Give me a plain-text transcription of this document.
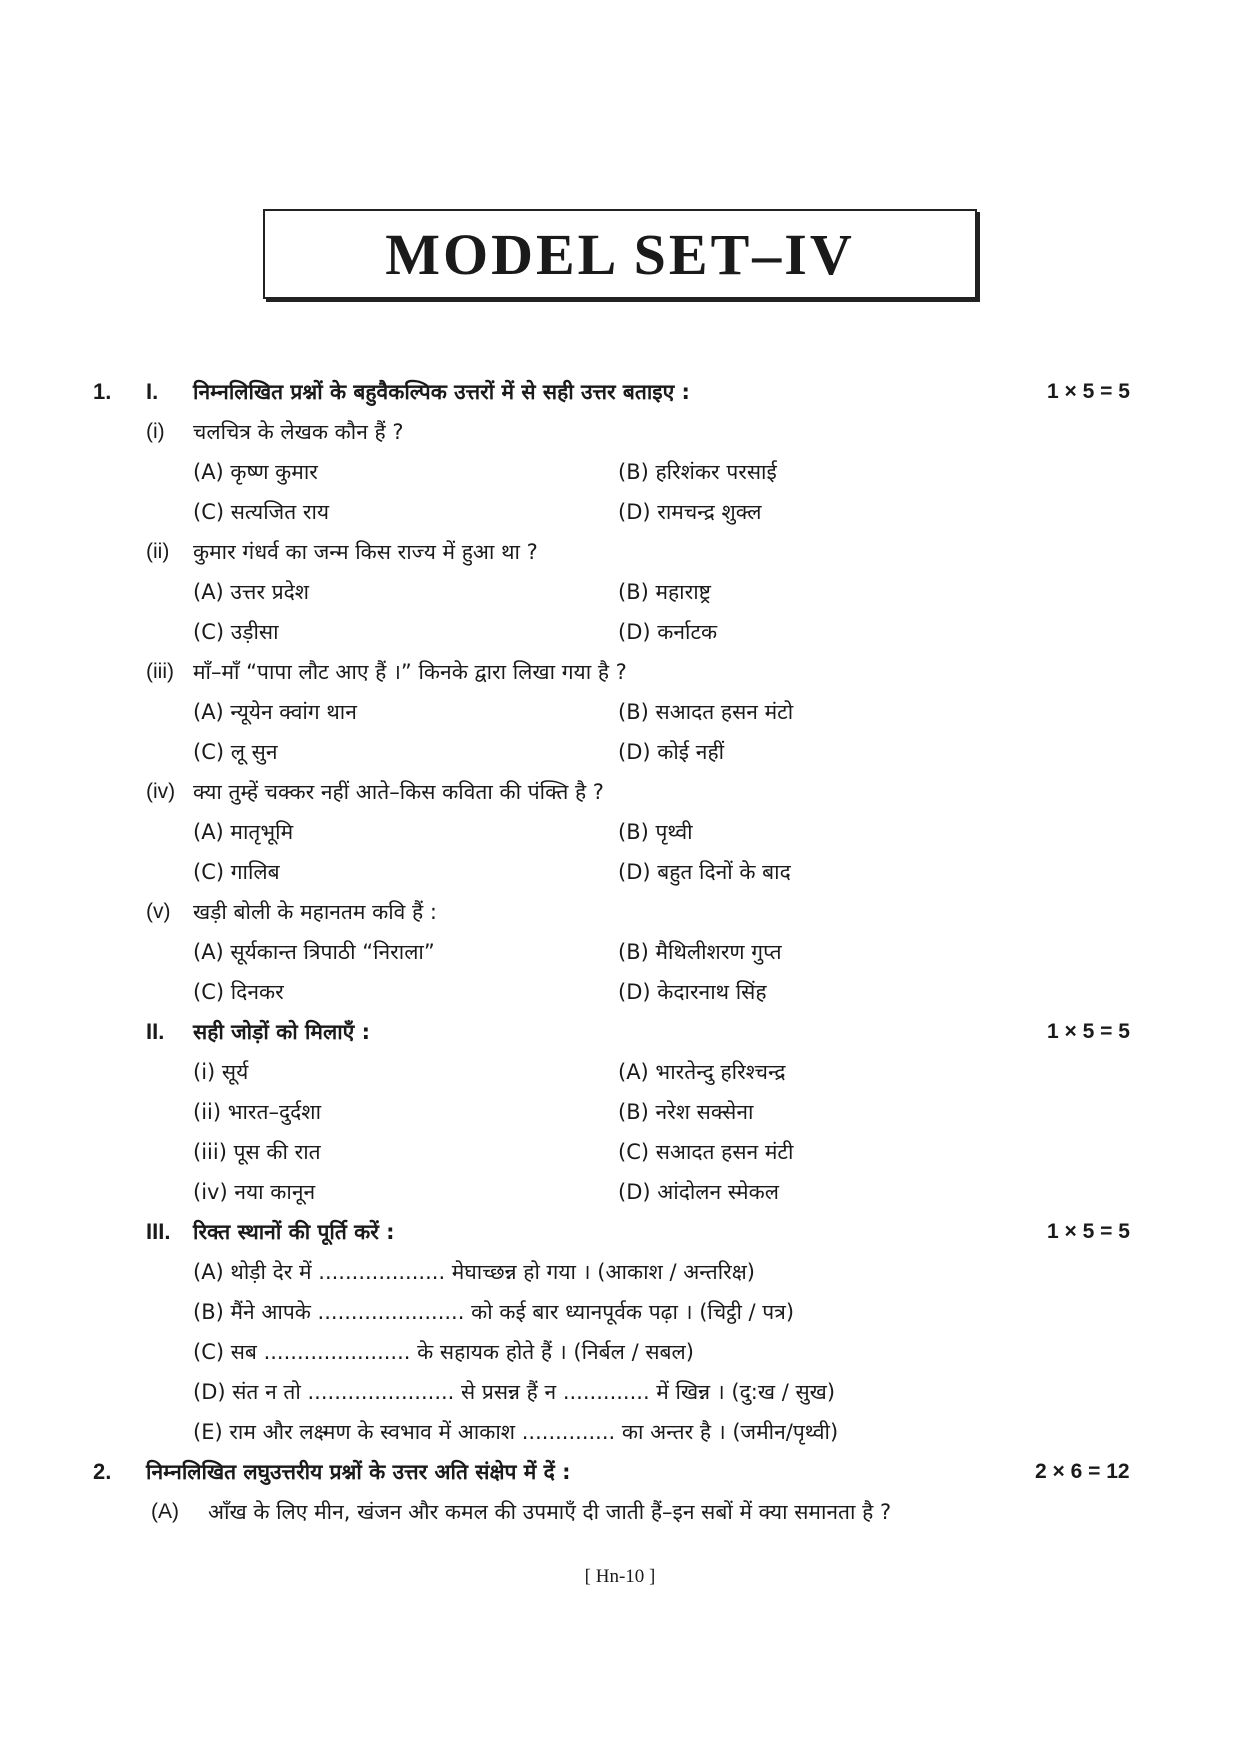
MODEL SET–IV
1. I. निम्नलिखित प्रश्नों के बहुवैकल्पिक उत्तरों में से सही उत्तर बताइए :	1 × 5 = 5
(i) चलचित्र के लेखक कौन हैं ?
(A) कृष्ण कुमार	(B) हरिशंकर परसाई
(C) सत्यजित राय	(D) रामचन्द्र शुक्ल
(ii) कुमार गंधर्व का जन्म किस राज्य में हुआ था ?
(A) उत्तर प्रदेश	(B) महाराष्ट्र
(C) उड़ीसा	(D) कर्नाटक
(iii) माँ–माँ “पापा लौट आए हैं ।” किनके द्वारा लिखा गया है ?
(A) न्यूयेन क्वांग थान	(B) सआदत हसन मंटो
(C) लू सुन	(D) कोई नहीं
(iv) क्या तुम्हें चक्कर नहीं आते–किस कविता की पंक्ति है ?
(A) मातृभूमि	(B) पृथ्वी
(C) गालिब	(D) बहुत दिनों के बाद
(v) खड़ी बोली के महानतम कवि हैं :
(A) सूर्यकान्त त्रिपाठी “निराला”	(B) मैथिलीशरण गुप्त
(C) दिनकर	(D) केदारनाथ सिंह
II. सही जोड़ों को मिलाएँ :	1 × 5 = 5
(i) सूर्य	(A) भारतेन्दु हरिश्चन्द्र
(ii) भारत–दुर्दशा	(B) नरेश सक्सेना
(iii) पूस की रात	(C) सआदत हसन मंटी
(iv) नया कानून	(D) आंदोलन स्मेकल
III. रिक्त स्थानों की पूर्ति करें :	1 × 5 = 5
(A) थोड़ी देर में ................... मेघाच्छन्न हो गया । (आकाश / अन्तरिक्ष)
(B) मैंने आपके ...................... को कई बार ध्यानपूर्वक पढ़ा । (चिट्ठी / पत्र)
(C) सब ...................... के सहायक होते हैं । (निर्बल / सबल)
(D) संत न तो ...................... से प्रसन्न हैं न ............. में खिन्न । (दु:ख / सुख)
(E) राम और लक्ष्मण के स्वभाव में आकाश .............. का अन्तर है । (जमीन/पृथ्वी)
2. निम्नलिखित लघुउत्तरीय प्रश्नों के उत्तर अति संक्षेप में दें :	2 × 6 = 12
(A) आँख के लिए मीन, खंजन और कमल की उपमाएँ दी जाती हैं–इन सबों में क्या समानता है ?
[ Hn-10 ]
